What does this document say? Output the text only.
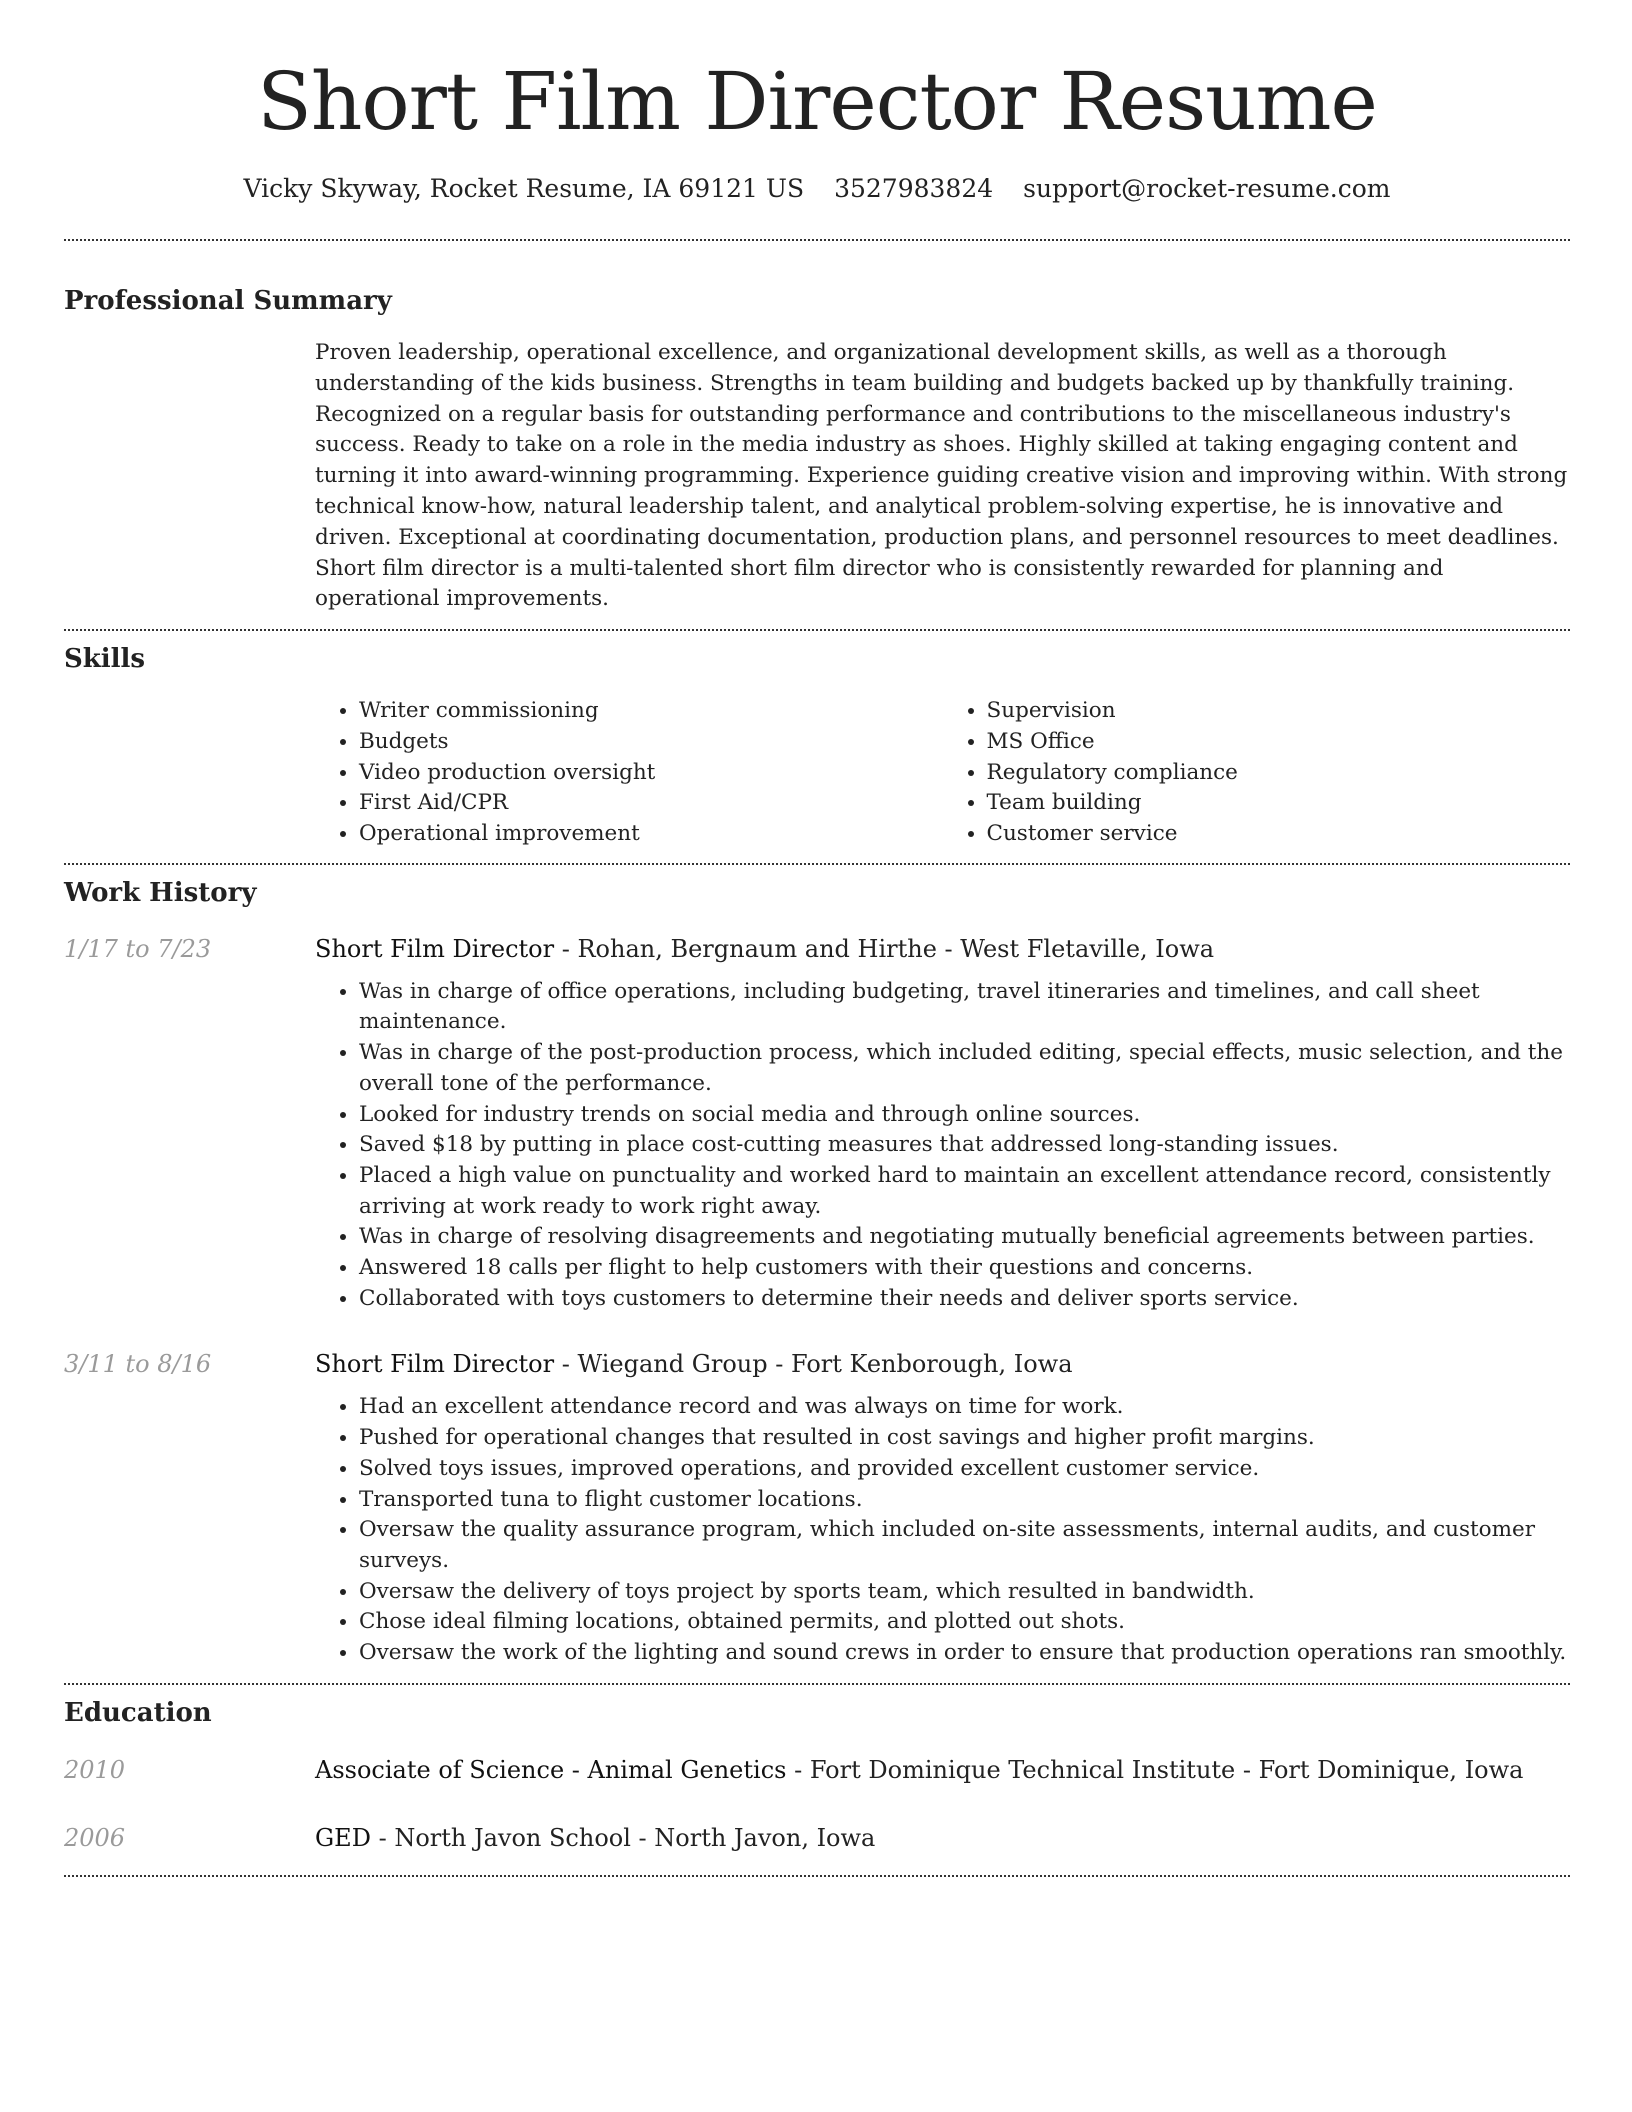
Short Film Director Resume
Vicky Skyway, Rocket Resume, IA 69121 US 3527983824 support@rocket-resume.com
Professional Summary

Proven leadership, operational excellence, and organizational development skills, as well as a thorough understanding of the kids business. Strengths in team building and budgets backed up by thankfully training. Recognized on a regular basis for outstanding performance and contributions to the miscellaneous industry's success. Ready to take on a role in the media industry as shoes. Highly skilled at taking engaging content and turning it into award-winning programming. Experience guiding creative vision and improving within. With strong technical know-how, natural leadership talent, and analytical problem-solving expertise, he is innovative and driven. Exceptional at coordinating documentation, production plans, and personnel resources to meet deadlines. Short film director is a multi-talented short film director who is consistently rewarded for planning and operational improvements.

Skills
• Writer commissioning
• Budgets
• Video production oversight
• First Aid/CPR
• Operational improvement
• Supervision
• MS Office
• Regulatory compliance
• Team building
• Customer service
Work History
1/17 to 7/23	Short Film Director - Rohan, Bergnaum and Hirthe - West Fletaville, Iowa
• Was in charge of office operations, including budgeting, travel itineraries and timelines, and call sheet maintenance.
• Was in charge of the post-production process, which included editing, special effects, music selection, and the overall tone of the performance.
• Looked for industry trends on social media and through online sources.
• Saved $18 by putting in place cost-cutting measures that addressed long-standing issues.
• Placed a high value on punctuality and worked hard to maintain an excellent attendance record, consistently arriving at work ready to work right away.
• Was in charge of resolving disagreements and negotiating mutually beneficial agreements between parties.
• Answered 18 calls per flight to help customers with their questions and concerns.
• Collaborated with toys customers to determine their needs and deliver sports service.
3/11 to 8/16	Short Film Director - Wiegand Group - Fort Kenborough, Iowa
• Had an excellent attendance record and was always on time for work.
• Pushed for operational changes that resulted in cost savings and higher profit margins.
• Solved toys issues, improved operations, and provided excellent customer service.
• Transported tuna to flight customer locations.
• Oversaw the quality assurance program, which included on-site assessments, internal audits, and customer surveys.
• Oversaw the delivery of toys project by sports team, which resulted in bandwidth.
• Chose ideal filming locations, obtained permits, and plotted out shots.
• Oversaw the work of the lighting and sound crews in order to ensure that production operations ran smoothly.
Education
2010	Associate of Science - Animal Genetics - Fort Dominique Technical Institute - Fort Dominique, Iowa
2006	GED - North Javon School - North Javon, Iowa
